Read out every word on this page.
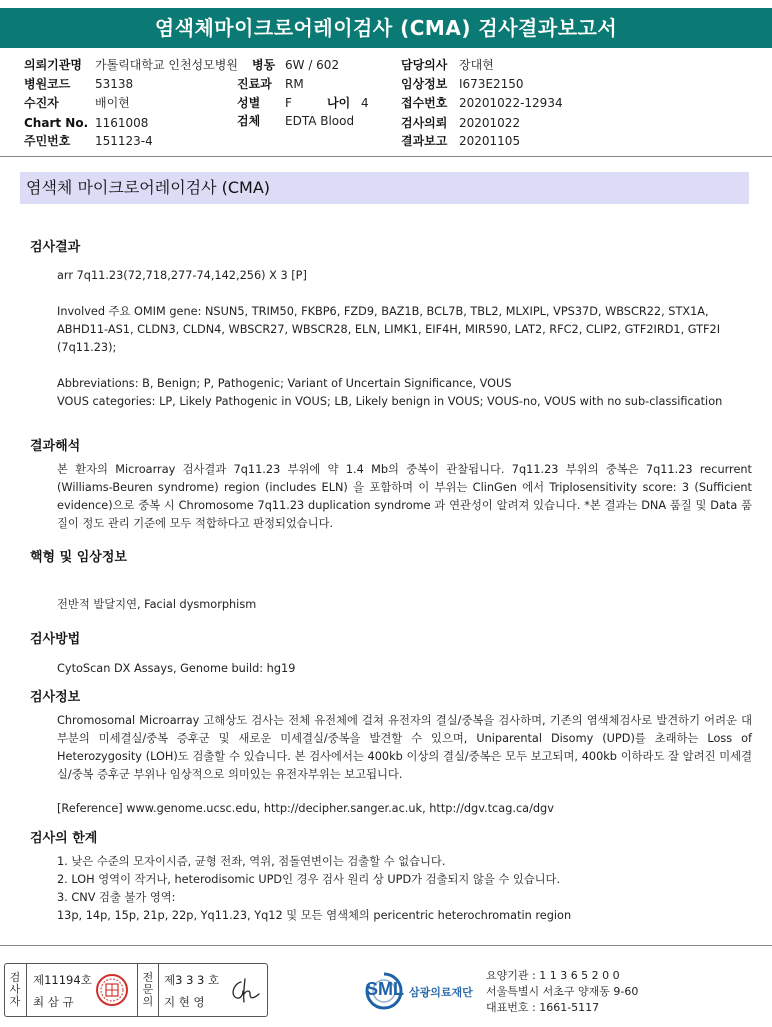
염색체마이크로어레이검사 (CMA) 검사결과보고서
의뢰기관명 가톨릭대학교 인천성모병원 병동 6W / 602	담당의사 장대현
병원코드 53138	진료과 RM	임상정보 I673E2150
수진자	배이현	성별 F	나이 4	접수번호 20201022-12934
Chart No. 1161008	검체 EDTA Blood	검사의뢰 20201022
주민번호 151123-4	결과보고 20201105
염색체 마이크로어레이검사 (CMA)
검사결과
arr 7q11.23(72,718,277-74,142,256) X 3 [P]
Involved 주요 OMIM gene: NSUN5, TRIM50, FKBP6, FZD9, BAZ1B, BCL7B, TBL2, MLXIPL, VPS37D, WBSCR22, STX1A, ABHD11-AS1, CLDN3, CLDN4, WBSCR27, WBSCR28, ELN, LIMK1, EIF4H, MIR590, LAT2, RFC2, CLIP2, GTF2IRD1, GTF2I (7q11.23);

Abbreviations: B, Benign; P, Pathogenic; Variant of Uncertain Significance, VOUS

VOUS categories: LP, Likely Pathogenic in VOUS; LB, Likely benign in VOUS; VOUS-no, VOUS with no sub-classification

결과해석
본 환자의 Microarray 검사결과 7q11.23 부위에 약 1.4 Mb의 중복이 관찰됩니다. 7q11.23 부위의 중복은 7q11.23 recurrent (Williams-Beuren syndrome) region (includes ELN) 을 포함하며 이 부위는 ClinGen 에서 Triplosensitivity score: 3 (Sufficient evidence)으로 중복 시 Chromosome 7q11.23 duplication syndrome 과 연관성이 알려져 있습니다. *본 결과는 DNA 품질 및 Data 품질이 정도 관리 기준에 모두 적합하다고 판정되었습니다.
핵형 및 임상정보
전반적 발달지연, Facial dysmorphism
검사방법
CytoScan DX Assays, Genome build: hg19
검사정보
Chromosomal Microarray 고해상도 검사는 전체 유전체에 걸쳐 유전자의 결실/중복을 검사하며, 기존의 염색체검사로 발견하기 어려운 대부분의 미세결실/중복 증후군 및 새로운 미세결실/중복을 발견할 수 있으며, Uniparental Disomy (UPD)를 초래하는 Loss of Heterozygosity (LOH)도 검출할 수 있습니다. 본 검사에서는 400kb 이상의 결실/중복은 모두 보고되며, 400kb 이하라도 잘 알려진 미세결실/중복 증후군 부위나 임상적으로 의미있는 유전자부위는 보고됩니다.
[Reference] www.genome.ucsc.edu, http://decipher.sanger.ac.uk, http://dgv.tcag.ca/dgv
검사의 한계

1. 낮은 수준의 모자이시즘, 균형 전좌, 역위, 점돌연변이는 검출할 수 없습니다.

2. LOH 영역이 작거나, heterodisomic UPD인 경우 검사 원리 상 UPD가 검출되지 않을 수 있습니다.

3. CNV 검출 불가 영역:

13p, 14p, 15p, 21p, 22p, Yq11.23, Yq12 및 모든 염색체의 pericentric heterochromatin region

검
사
자
제11194호
최 삼 규
전
문
의
제3 3 3 호
지 현 영
SML 삼광의료재단
요양기관 : 1 1 3 6 5 2 0 0
서울특별시 서초구 양재동 9-60
대표번호 : 1661-5117
